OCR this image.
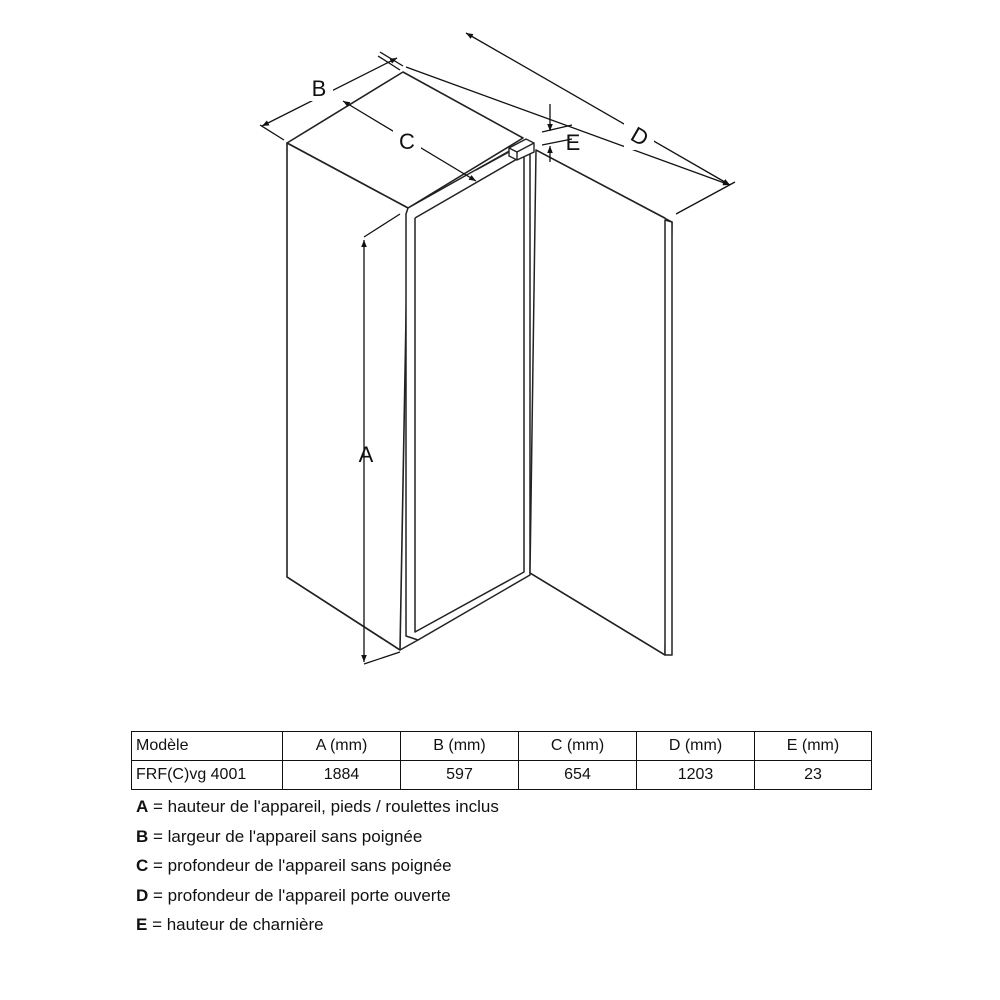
A
B
C	D
E
Modèle	A (mm)	B (mm)	C (mm)	D (mm)	E (mm)
FRF(C)vg 4001	1884	597	654	1203	23
A = hauteur de l'appareil, pieds / roulettes inclus
B = largeur de l'appareil sans poignée
C = profondeur de l'appareil sans poignée
D = profondeur de l'appareil porte ouverte
E = hauteur de charnière
